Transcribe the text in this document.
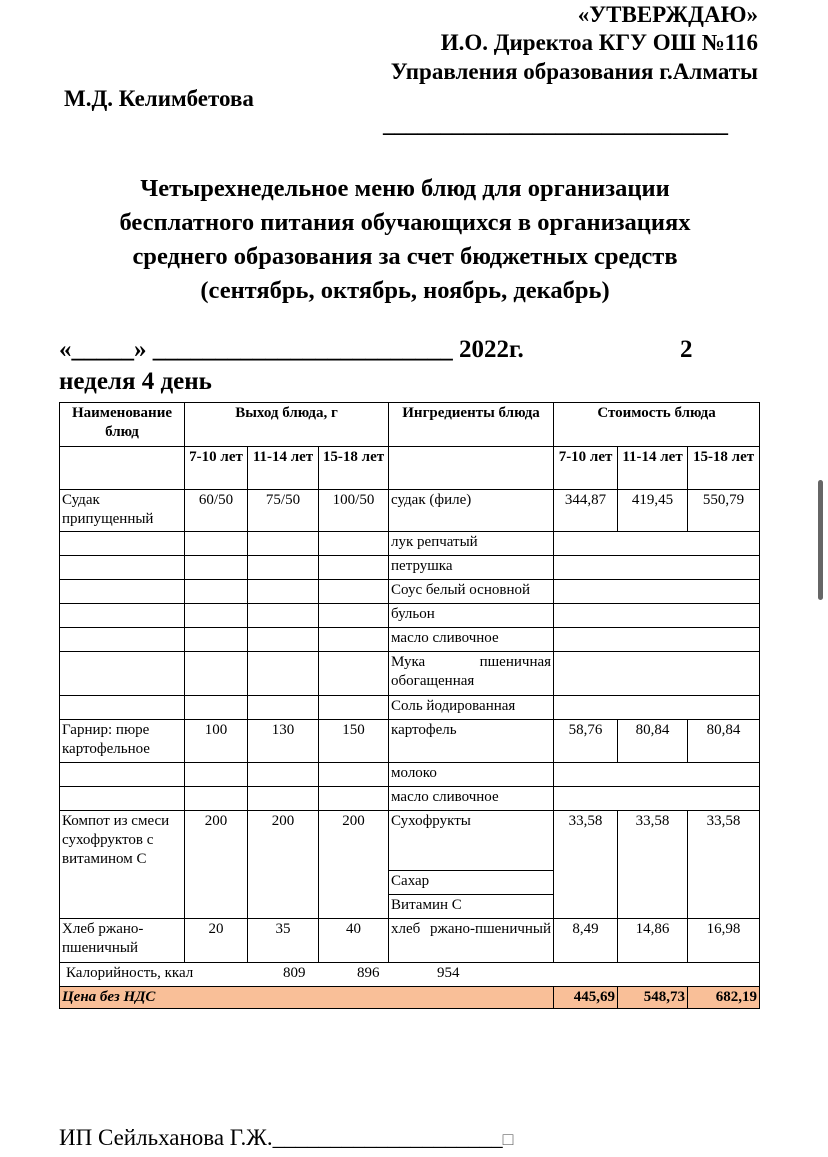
«УТВЕРЖДАЮ»
И.О. Директоа КГУ ОШ №116
Управления образования г.Алматы
М.Д. Келимбетова
______________________________
Четырехнедельное меню блюд для организации
бесплатного питания обучающихся в организациях
среднего образования за счет бюджетных средств
(сентябрь, октябрь, ноябрь, декабрь)
«_____» ________________________ 2022г.	2
неделя 4 день
Наименование блюд	Выход блюда, г			Ингредиенты блюда	Стоимость блюда		
	7-10 лет	11-14 лет	15-18 лет		7-10 лет	11-14 лет	15-18 лет
Судак припущенный	60/50	75/50	100/50	судак (филе)	344,87	419,45	550,79
				лук репчатый			
				петрушка			
				Соус белый основной			
				бульон			
				масло сливочное			
				Мука пшеничная обогащенная			
				Соль йодированная			
Гарнир: пюре картофельное	100	130	150	картофель	58,76	80,84	80,84
				молоко			
				масло сливочное			
Компот из смеси сухофруктов с витамином С	200	200	200	Сухофрукты	33,58	33,58	33,58
				Сахар			
				Витамин С			
Хлеб ржано-пшеничный	20	35	40	хлеб ржано-пшеничный	8,49	14,86	16,98
Калорийность, ккал 809 896 954							

Цена без НДС					445,69	548,73	682,19
ИП Сейльханова Г.Ж.____________________□
